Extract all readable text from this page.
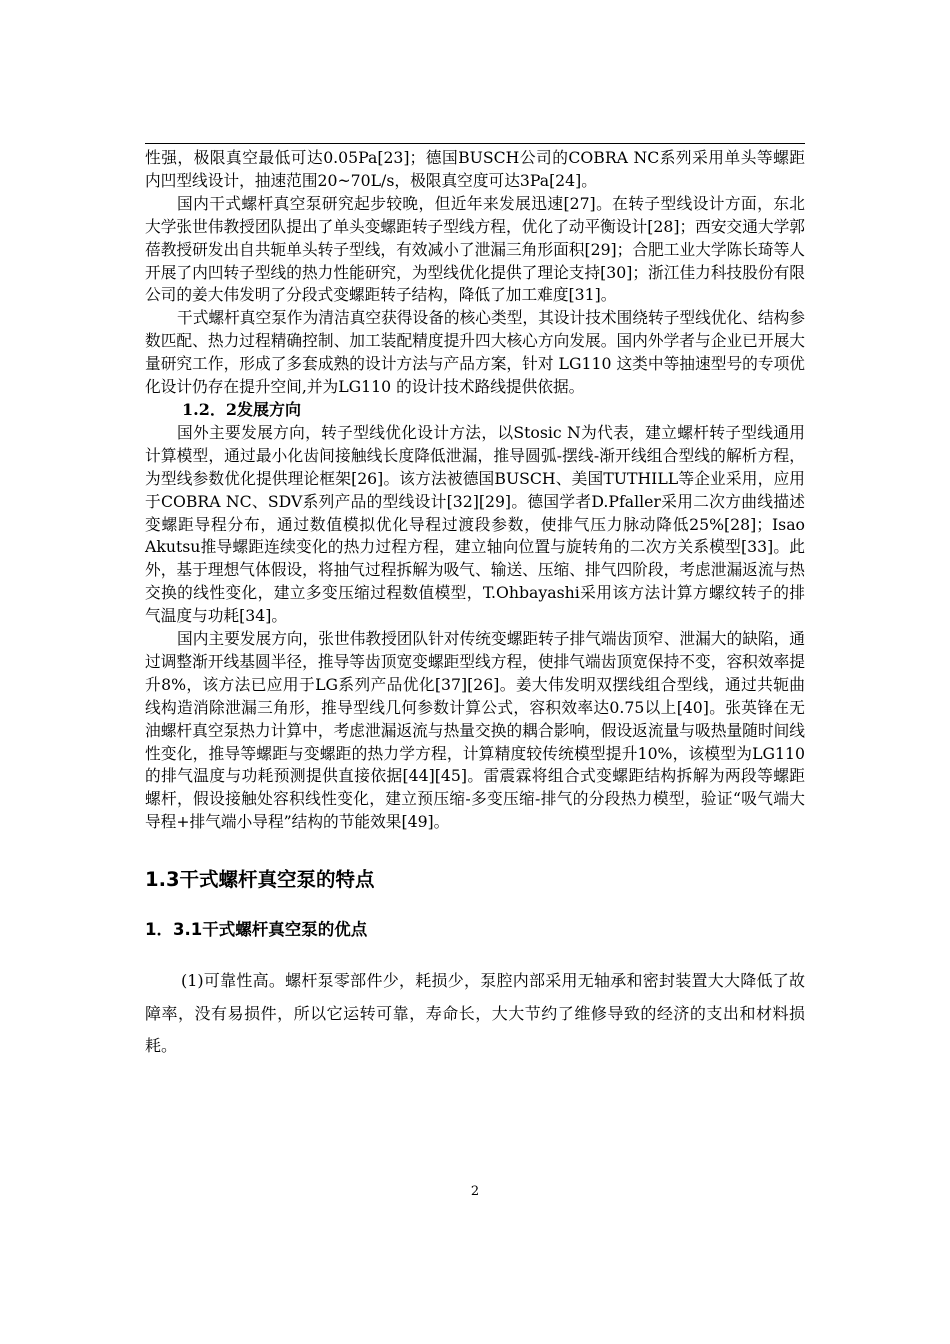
性强，极限真空最低可达0.05Pa[23]；德国BUSCH公司的COBRA NC系列采用单头等螺距内凹型线设计，抽速范围20~70L/s，极限真空度可达3Pa[24]。

国内干式螺杆真空泵研究起步较晚，但近年来发展迅速[27]。在转子型线设计方面，东北大学张世伟教授团队提出了单头变螺距转子型线方程，优化了动平衡设计[28]；西安交通大学郭蓓教授研发出自共轭单头转子型线，有效减小了泄漏三角形面积[29]；合肥工业大学陈长琦等人开展了内凹转子型线的热力性能研究，为型线优化提供了理论支持[30]；浙江佳力科技股份有限公司的姜大伟发明了分段式变螺距转子结构，降低了加工难度[31]。

干式螺杆真空泵作为清洁真空获得设备的核心类型，其设计技术围绕转子型线优化、结构参数匹配、热力过程精确控制、加工装配精度提升四大核心方向发展。国内外学者与企业已开展大量研究工作，形成了多套成熟的设计方法与产品方案，针对 LG110 这类中等抽速型号的专项优化设计仍存在提升空间,并为LG110 的设计技术路线提供依据。

1.2．2发展方向

国外主要发展方向，转子型线优化设计方法，以Stosic N为代表，建立螺杆转子型线通用计算模型，通过最小化齿间接触线长度降低泄漏，推导圆弧-摆线-渐开线组合型线的解析方程，为型线参数优化提供理论框架[26]。该方法被德国BUSCH、美国TUTHILL等企业采用，应用于COBRA NC、SDV系列产品的型线设计[32][29]。德国学者D.Pfaller采用二次方曲线描述变螺距导程分布，通过数值模拟优化导程过渡段参数，使排气压力脉动降低25%[28]；Isao Akutsu推导螺距连续变化的热力过程方程，建立轴向位置与旋转角的二次方关系模型[33]。此外，基于理想气体假设，将抽气过程拆解为吸气、输送、压缩、排气四阶段，考虑泄漏返流与热交换的线性变化，建立多变压缩过程数值模型，T.Ohbayashi采用该方法计算方螺纹转子的排气温度与功耗[34]。

国内主要发展方向，张世伟教授团队针对传统变螺距转子排气端齿顶窄、泄漏大的缺陷，通过调整渐开线基圆半径，推导等齿顶宽变螺距型线方程，使排气端齿顶宽保持不变，容积效率提升8%，该方法已应用于LG系列产品优化[37][26]。姜大伟发明双摆线组合型线，通过共轭曲线构造消除泄漏三角形，推导型线几何参数计算公式，容积效率达0.75以上[40]。张英锋在无油螺杆真空泵热力计算中，考虑泄漏返流与热量交换的耦合影响，假设返流量与吸热量随时间线性变化，推导等螺距与变螺距的热力学方程，计算精度较传统模型提升10%，该模型为LG110的排气温度与功耗预测提供直接依据[44][45]。雷震霖将组合式变螺距结构拆解为两段等螺距螺杆，假设接触处容积线性变化，建立预压缩-多变压缩-排气的分段热力模型，验证“吸气端大导程+排气端小导程”结构的节能效果[49]。

1.3干式螺杆真空泵的特点
1．3.1干式螺杆真空泵的优点

(1)可靠性高。螺杆泵零部件少，耗损少，泵腔内部采用无轴承和密封装置大大降低了故障率，没有易损件，所以它运转可靠，寿命长，大大节约了维修导致的经济的支出和材料损耗。

2
